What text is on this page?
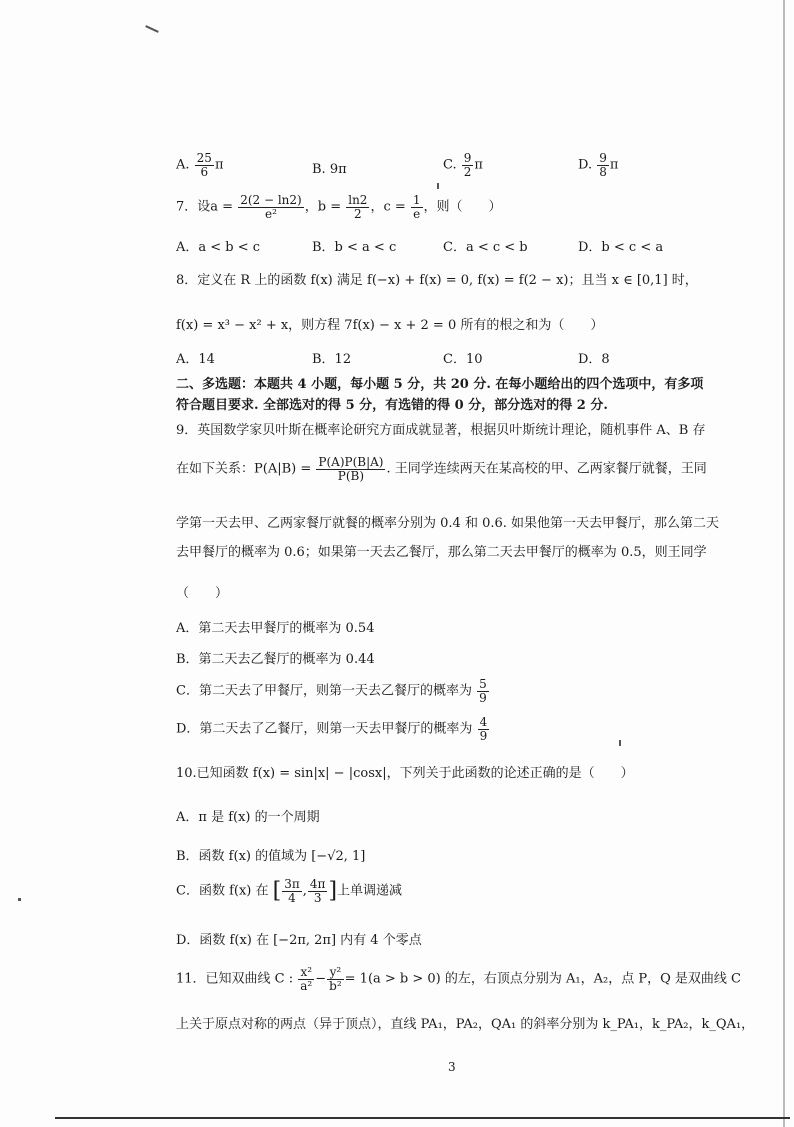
A. $\frac{25}{6}$ π	B. 9π	C. $\frac{9}{2}$ π	D. $\frac{9}{8}$ π
7．设$a = \frac{2(2 - \ln 2)}{\text{e²}}$ ，$b = \frac{\ln 2}{2}$ ，$c = \frac{1}{e}$ ，则（　　）
A．a < b < c	B．b < a < c	C．a < c < b	D．b < c < a
8．定义在 R 上的函数 f(x) 满足 f(−x) + f(x) = 0, f(x) = f(2 − x)；且当 x ∈ [0,1] 时，
f(x) = x³ − x² + x，则方程 7f(x) − x + 2 = 0 所有的根之和为（　　）
A．14	B．12	C．10	D．8
二、多选题：本题共 4 小题，每小题 5 分，共 20 分. 在每小题给出的四个选项中，有多项
符合题目要求. 全部选对的得 5 分，有选错的得 0 分，部分选对的得 2 分.
9．英国数学家贝叶斯在概率论研究方面成就显著，根据贝叶斯统计理论，随机事件 A、B 存
在如下关系：$P(A|B) = \frac{P(A)P(B|A)}{P(B)}$ . 王同学连续两天在某高校的甲、乙两家餐厅就餐，王同
学第一天去甲、乙两家餐厅就餐的概率分别为 0.4 和 0.6. 如果他第一天去甲餐厅，那么第二天
去甲餐厅的概率为 0.6；如果第一天去乙餐厅，那么第二天去甲餐厅的概率为 0.5，则王同学
（　　）
A．第二天去甲餐厅的概率为 0.54
B．第二天去乙餐厅的概率为 0.44
C．第二天去了甲餐厅，则第一天去乙餐厅的概率为 $\frac{5}{9}$
D．第二天去了乙餐厅，则第一天去甲餐厅的概率为 $\frac{4}{9}$
10.已知函数 f(x) = sin|x| − |cosx|，下列关于此函数的论述正确的是（　　）
A．π 是 f(x) 的一个周期
B．函数 f(x) 的值域为 [−√2, 1]
C．函数 f(x) 在 [ $\frac{3\pi}{4}$ , $\frac{4\pi}{3}$ ]上单调递减
D．函数 f(x) 在 [−2π, 2π] 内有 4 个零点
11．已知双曲线 C : $\frac{\text{x²}}{\text{a²}} - \frac{\text{y²}}{\text{b²}} = 1(a > b > 0)$ 的左，右顶点分别为 A₁，A₂，点 P，Q 是双曲线 C
上关于原点对称的两点（异于顶点），直线 PA₁，PA₂，QA₁ 的斜率分别为 k_PA₁，k_PA₂，k_QA₁，
3
